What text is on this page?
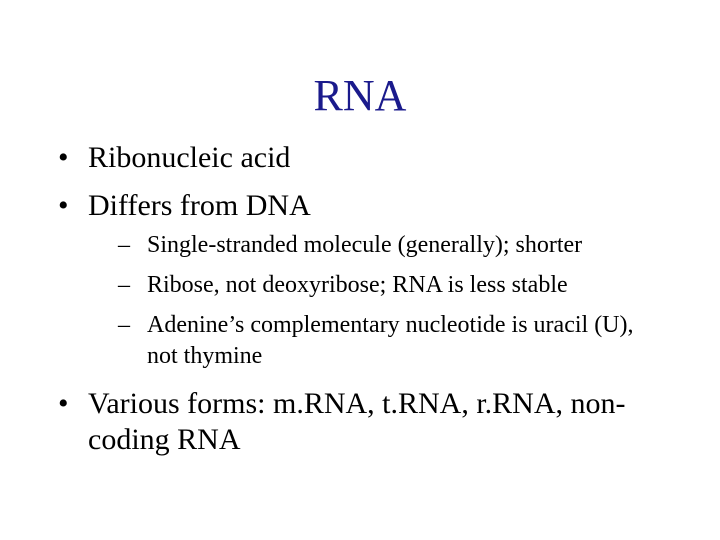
RNA
• Ribonucleic acid
• Differs from DNA
– Single-stranded molecule (generally); shorter
– Ribose, not deoxyribose; RNA is less stable
– Adenine’s complementary nucleotide is uracil (U), not thymine
• Various forms: m.RNA, t.RNA, r.RNA, non-coding RNA
